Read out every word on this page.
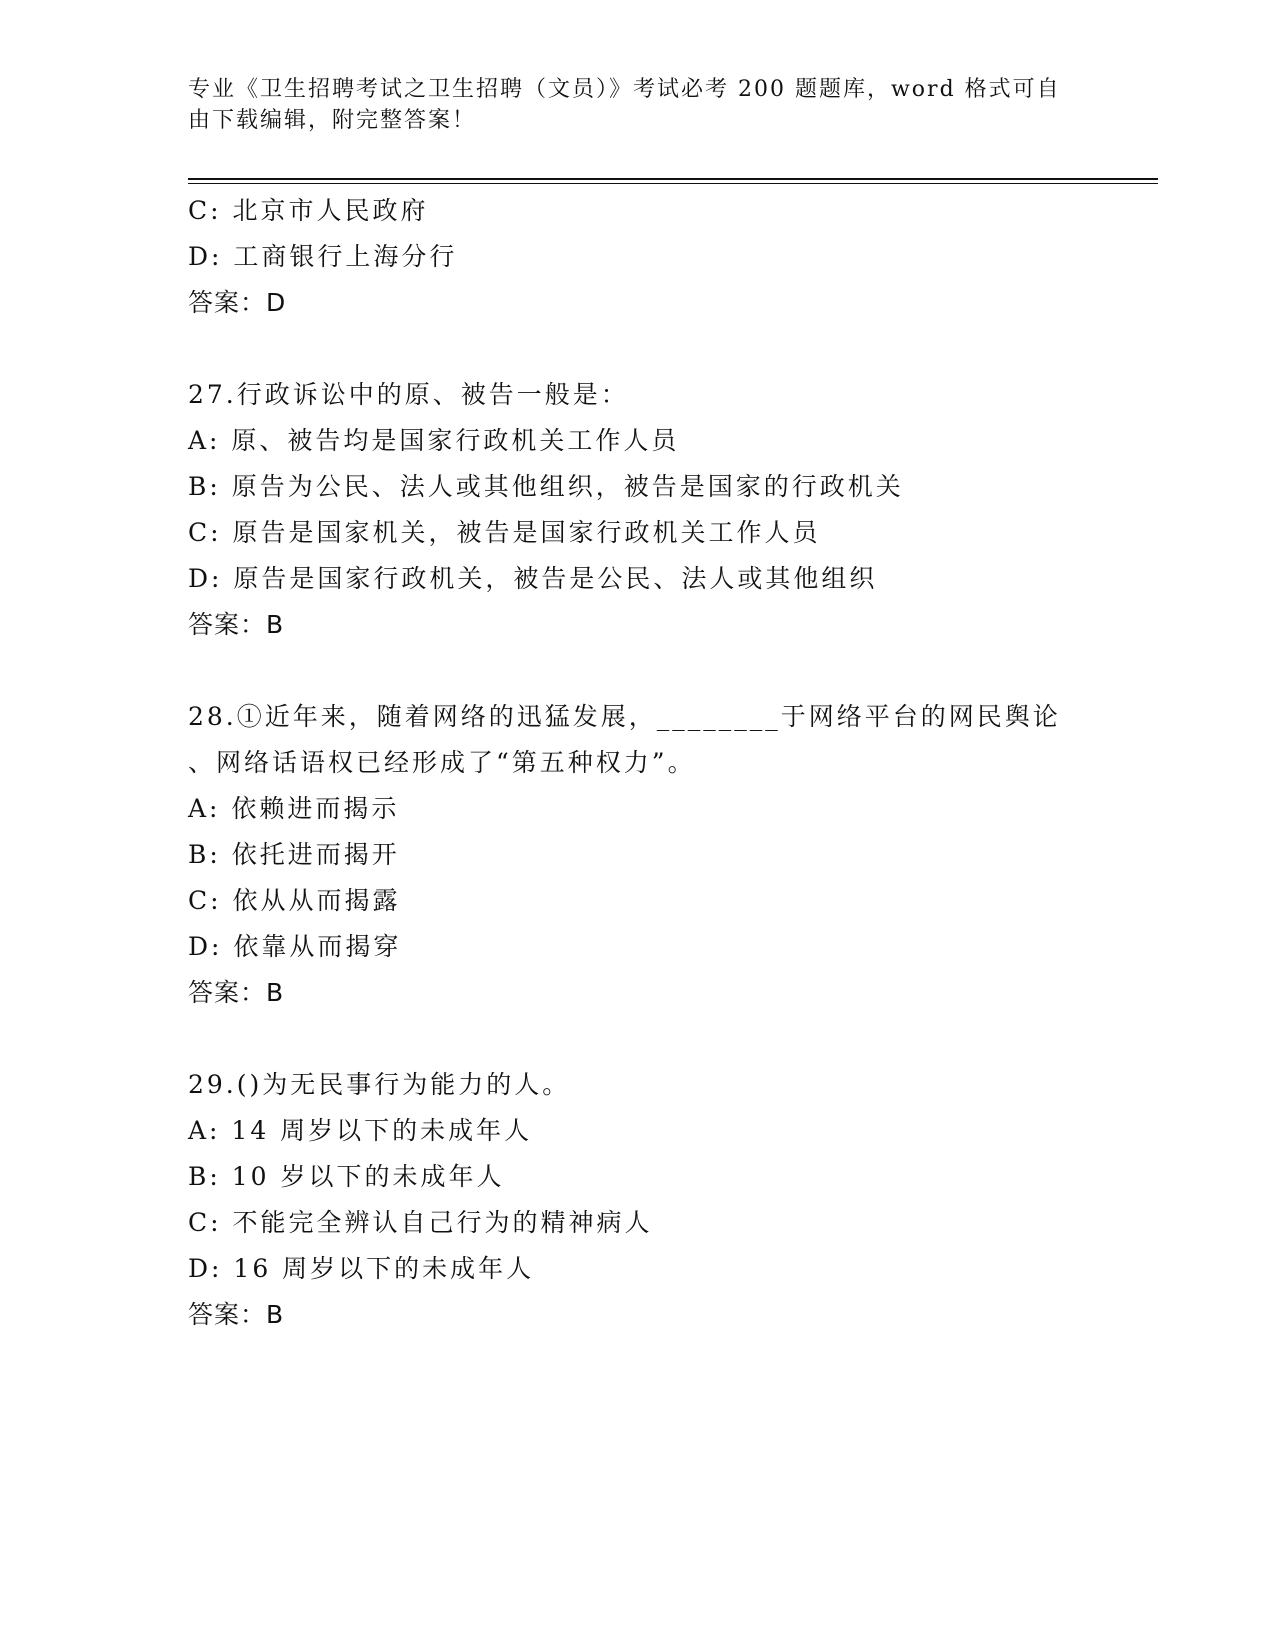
专业《卫生招聘考试之卫生招聘（文员）》考试必考 200 题题库，word 格式可自由下载编辑，附完整答案！
C: 北京市人民政府
D: 工商银行上海分行
答案：D
27.行政诉讼中的原、被告一般是：
A: 原、被告均是国家行政机关工作人员
B: 原告为公民、法人或其他组织，被告是国家的行政机关
C: 原告是国家机关，被告是国家行政机关工作人员
D: 原告是国家行政机关，被告是公民、法人或其他组织
答案：B
28.①近年来，随着网络的迅猛发展，________于网络平台的网民舆论
、网络话语权已经形成了“第五种权力”。
A: 依赖进而揭示
B: 依托进而揭开
C: 依从从而揭露
D: 依靠从而揭穿
答案：B
29.()为无民事行为能力的人。
A: 14 周岁以下的未成年人
B: 10 岁以下的未成年人
C: 不能完全辨认自己行为的精神病人
D: 16 周岁以下的未成年人
答案：B
